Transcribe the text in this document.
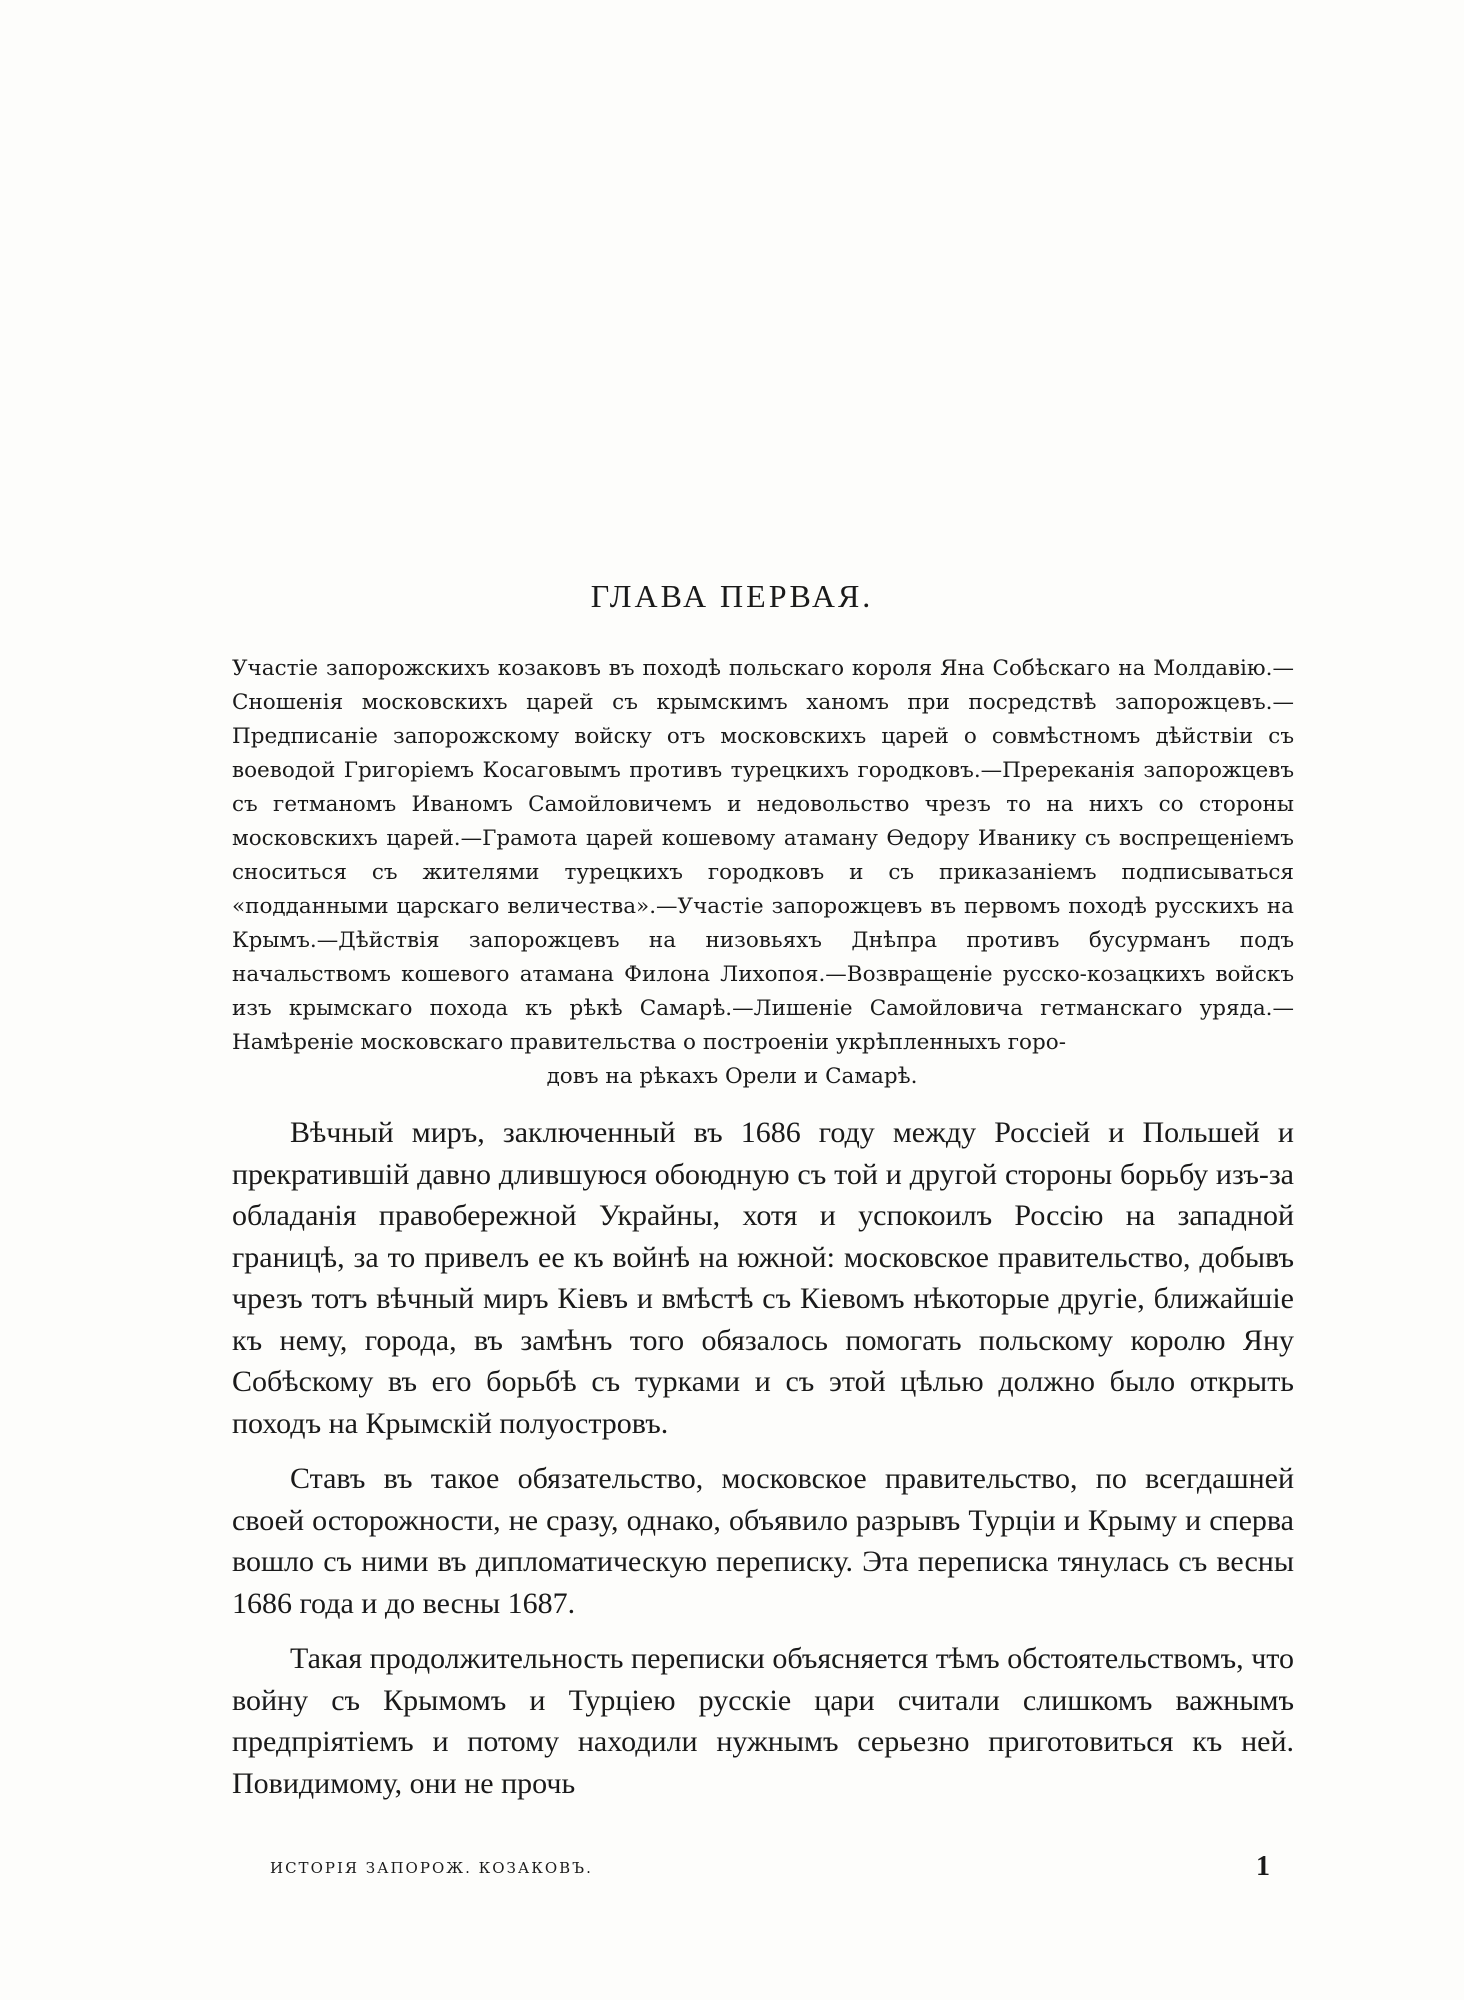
ГЛАВА ПЕРВАЯ.
Участіе запорожскихъ козаковъ въ походѣ польскаго короля Яна Собѣскаго на Молдавію.—Сношенія московскихъ царей съ крымскимъ ханомъ при посредствѣ запорожцевъ.—Предписаніе запорожскому войску отъ московскихъ царей о совмѣстномъ дѣйствіи съ воеводой Григоріемъ Косаговымъ противъ турецкихъ городковъ.—Пререканія запорожцевъ съ гетманомъ Иваномъ Самойловичемъ и недовольство чрезъ то на нихъ со стороны московскихъ царей.—Грамота царей кошевому атаману Ѳедору Иванику съ воспрещеніемъ сноситься съ жителями турецкихъ городковъ и съ приказаніемъ подписываться «подданными царскаго величества».—Участіе запорожцевъ въ первомъ походѣ русскихъ на Крымъ.—Дѣйствія запорожцевъ на низовьяхъ Днѣпра противъ бусурманъ подъ начальствомъ кошевого атамана Филона Лихопоя.—Возвращеніе русско-козацкихъ войскъ изъ крымскаго похода къ рѣкѣ Самарѣ.—Лишеніе Самойловича гетманскаго уряда.—Намѣреніе московскаго правительства о построеніи укрѣпленныхъ горо-
довъ на рѣкахъ Орели и Самарѣ.

Вѣчный миръ, заключенный въ 1686 году между Россіей и Польшей и прекратившій давно длившуюся обоюдную съ той и другой стороны борьбу изъ-за обладанія правобережной Украйны, хотя и успокоилъ Россію на западной границѣ, за то привелъ ее къ войнѣ на южной: московское правительство, добывъ чрезъ тотъ вѣчный миръ Кіевъ и вмѣстѣ съ Кіевомъ нѣкоторые другіе, ближайшіе къ нему, города, въ замѣнъ того обязалось помогать польскому королю Яну Собѣскому въ его борьбѣ съ турками и съ этой цѣлью должно было открыть походъ на Крымскій полуостровъ.

Ставъ въ такое обязательство, московское правительство, по всегдашней своей осторожности, не сразу, однако, объявило разрывъ Турціи и Крыму и сперва вошло съ ними въ дипломатическую переписку. Эта переписка тянулась съ весны 1686 года и до весны 1687.

Такая продолжительность переписки объясняется тѣмъ обстоятельствомъ, что войну съ Крымомъ и Турціею русскіе цари считали слишкомъ важнымъ предпріятіемъ и потому находили нужнымъ серьезно приготовиться къ ней. Повидимому, они не прочь

ИСТОРІЯ ЗАПОРОЖ. КОЗАКОВЪ.	1
